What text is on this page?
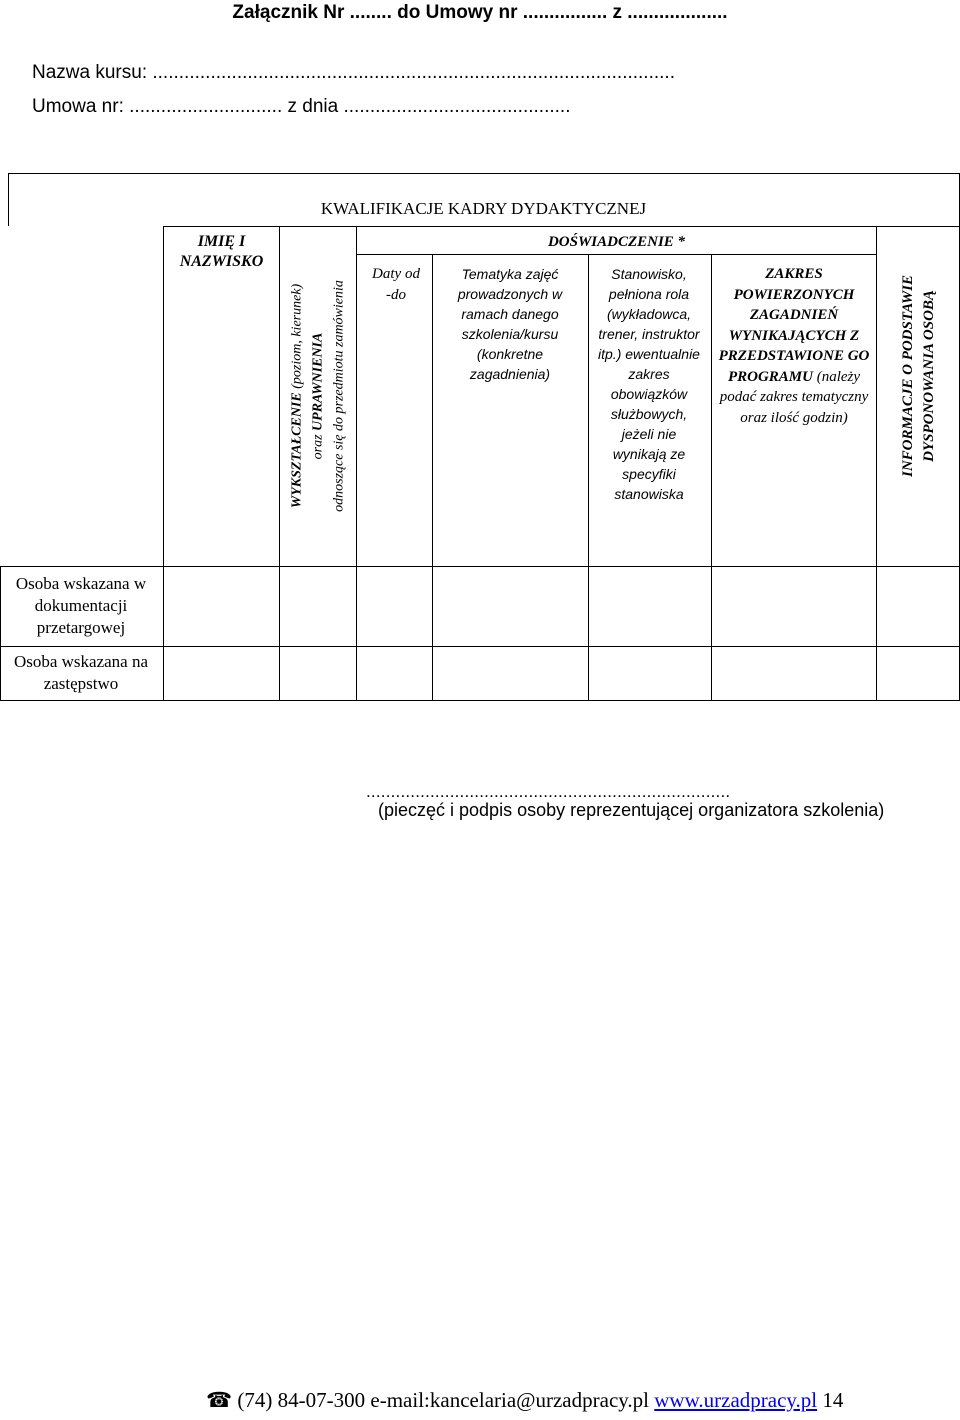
Załącznik Nr ........ do Umowy nr ................ z ...................
Nazwa kursu: ...................................................................................................
Umowa nr: ............................. z dnia ...........................................
KWALIFIKACJE KADRY DYDAKTYCZNEJ
IMIĘ I NAZWISKO
WYKSZTAŁCENIE (poziom, kierunek)
oraz UPRAWNIENIA odnoszące się do przedmiotu zamówienia
DOŚWIADCZENIE *
Daty od -do
Tematyka zajęć prowadzonych w ramach danego szkolenia/kursu (konkretne zagadnienia)
Stanowisko, pełniona rola (wykładowca, trener, instruktor itp.) ewentualnie zakres obowiązków służbowych, jeżeli nie wynikają ze specyfiki stanowiska
ZAKRES POWIERZONYCH ZAGADNIEŃ WYNIKAJĄCYCH Z PRZEDSTAWIONE GO PROGRAMU (należy podać zakres tematyczny oraz ilość godzin)	INFORMACJE O PODSTAWIE DYSPONOWANIA OSOBĄ
Osoba wskazana w dokumentacji przetargowej
Osoba wskazana na zastępstwo
..........................................................................
(pieczęć i podpis osoby reprezentującej organizatora szkolenia)
☎ (74) 84-07-300 e-mail:kancelaria@urzadpracy.pl www.urzadpracy.pl 14
